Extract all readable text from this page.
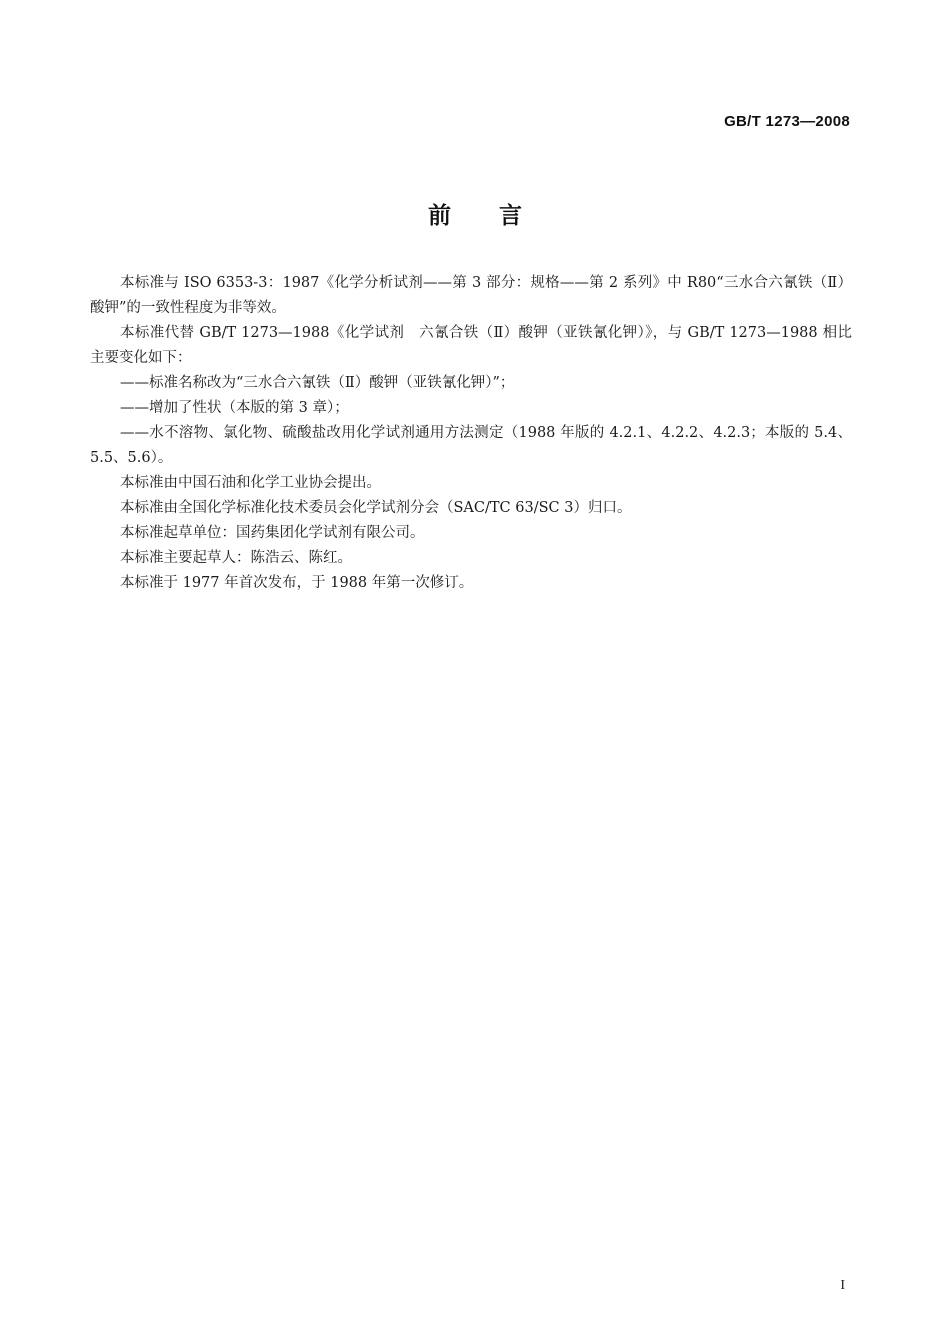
GB/T 1273—2008
前言

本标准与 ISO 6353-3：1987《化学分析试剂——第 3 部分：规格——第 2 系列》中 R80“三水合六氰铁（Ⅱ）酸钾”的一致性程度为非等效。

本标准代替 GB/T 1273—1988《化学试剂　六氰合铁（Ⅱ）酸钾（亚铁氰化钾）》，与 GB/T 1273—1988 相比主要变化如下：

——标准名称改为“三水合六氰铁（Ⅱ）酸钾（亚铁氰化钾）”；

——增加了性状（本版的第 3 章）；

——水不溶物、氯化物、硫酸盐改用化学试剂通用方法测定（1988 年版的 4.2.1、4.2.2、4.2.3；本版的 5.4、5.5、5.6）。

本标准由中国石油和化学工业协会提出。

本标准由全国化学标准化技术委员会化学试剂分会（SAC/TC 63/SC 3）归口。

本标准起草单位：国药集团化学试剂有限公司。

本标准主要起草人：陈浩云、陈红。

本标准于 1977 年首次发布，于 1988 年第一次修订。

I
